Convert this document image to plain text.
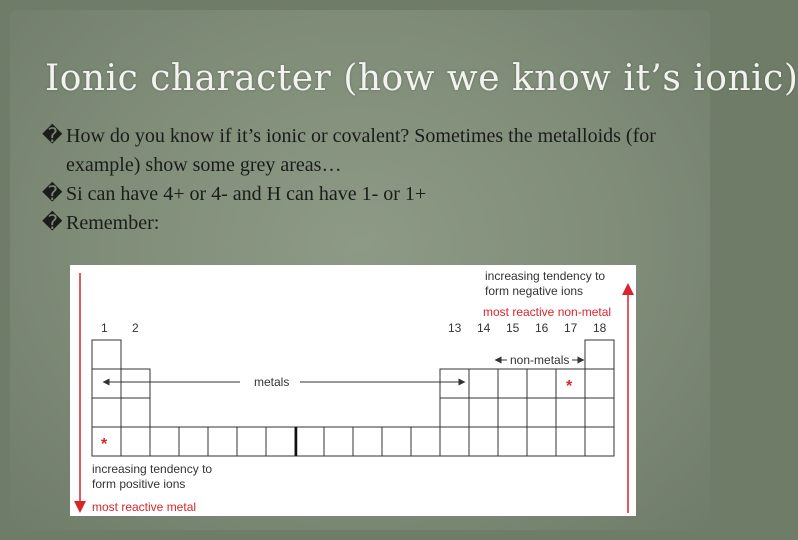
Ionic character (how we know it’s ionic)
� How do you know if it’s ionic or covalent? Sometimes the metalloids (for example) show some grey areas…
� Si can have 4+ or 4- and H can have 1- or 1+
� Remember:
increasing tendency to
form negative ions
most reactive non-metal
1 2	13 14 15 16 17 18
non-metals
metals	*
*
increasing tendency to
form positive ions
most reactive metal
